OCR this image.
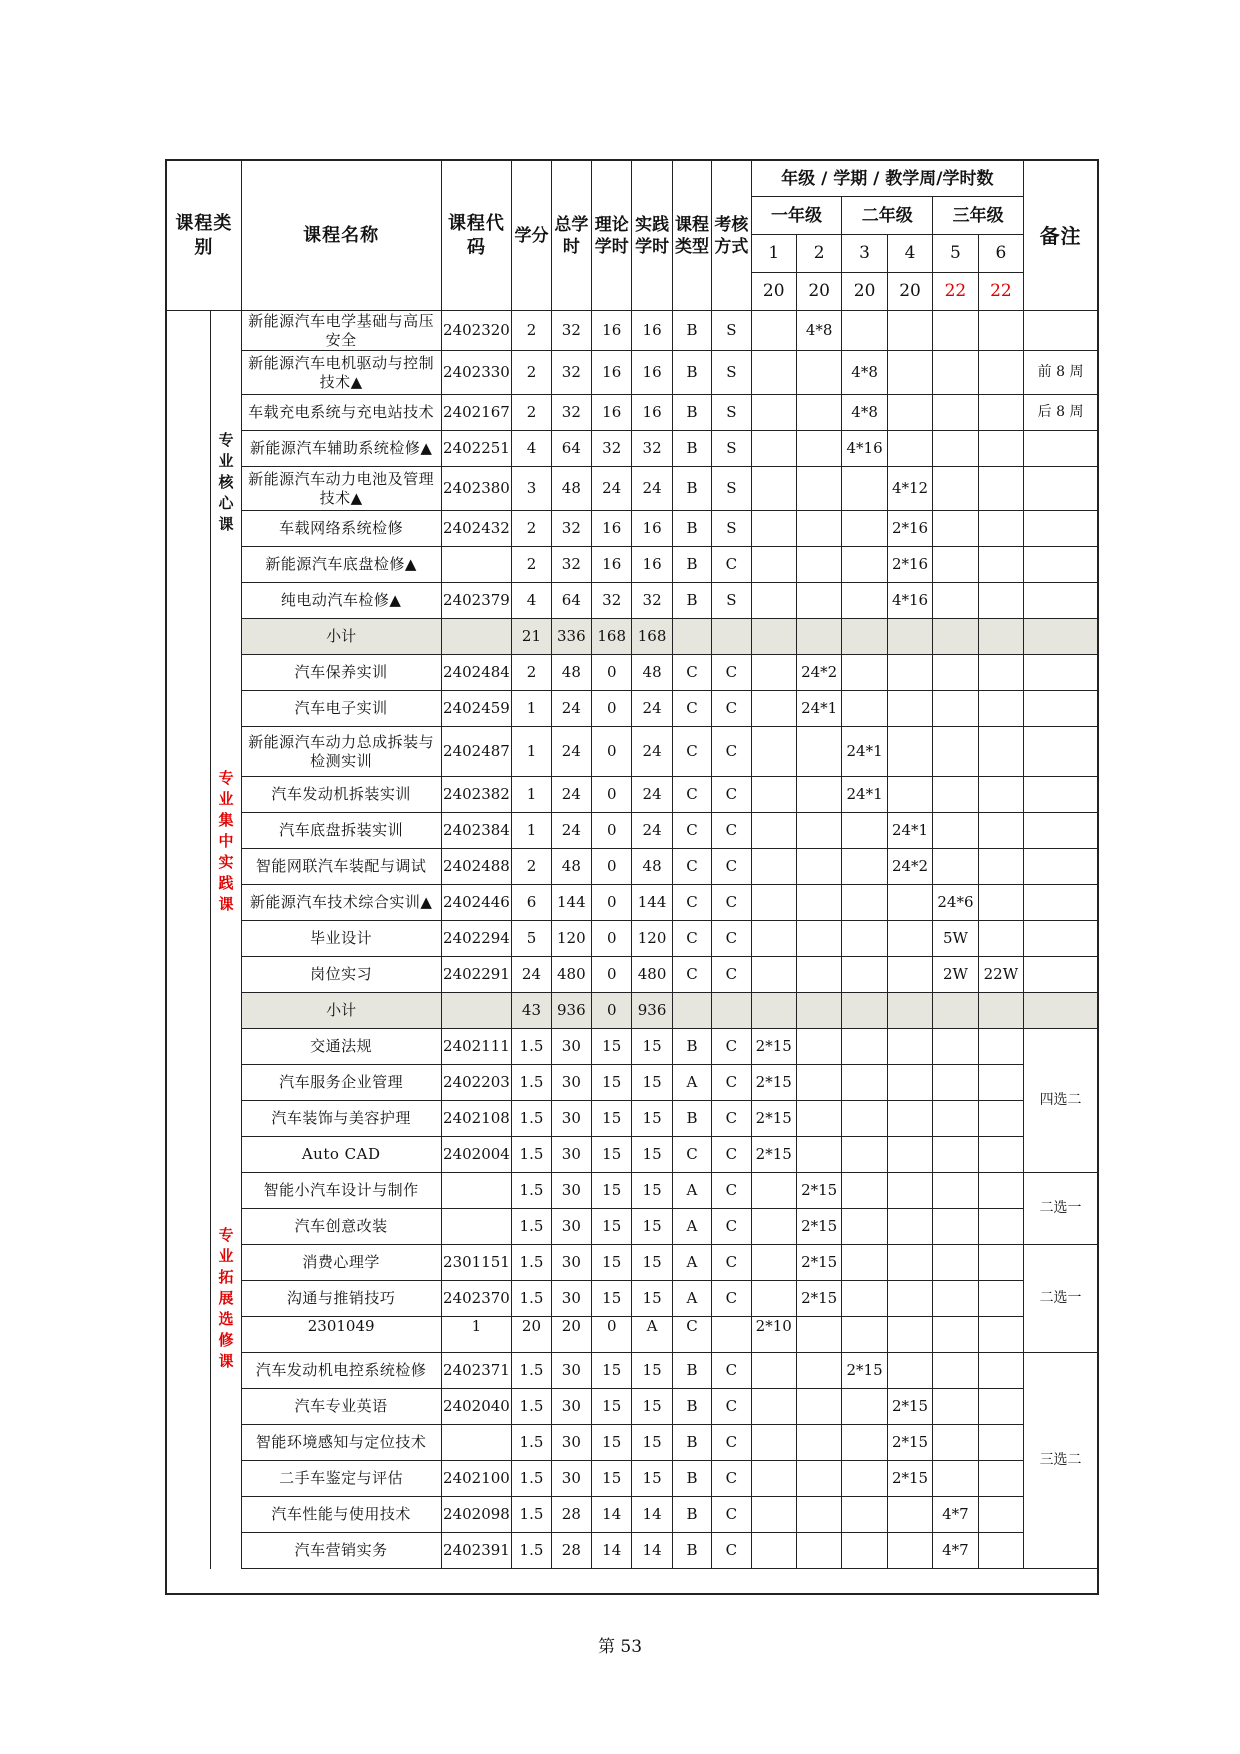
课程类别		课程名称	课程代码	学分	总学时	理论学时	实践学时	课程类型	考核方式	年级 / 学期 / 教学周/学时数						备注
										一年级		二年级		三年级		
										1	2	3	4	5	6	
										20	20	20	20	22	22	
	专业核心课	新能源汽车电学基础与高压安全	2402320	2	32	16	16	B	S		4*8					
		新能源汽车电机驱动与控制技术▲	2402330	2	32	16	16	B	S			4*8				前 8 周
		车载充电系统与充电站技术	2402167	2	32	16	16	B	S			4*8				后 8 周
		新能源汽车辅助系统检修▲	2402251	4	64	32	32	B	S			4*16				
		新能源汽车动力电池及管理技术▲	2402380	3	48	24	24	B	S				4*12			
		车载网络系统检修	2402432	2	32	16	16	B	S				2*16			
		新能源汽车底盘检修▲		2	32	16	16	B	C				2*16			
		纯电动汽车检修▲	2402379	4	64	32	32	B	S				4*16			
		小计		21	336	168	168									
	专业集中实践课	汽车保养实训	2402484	2	48	0	48	C	C		24*2					
		汽车电子实训	2402459	1	24	0	24	C	C		24*1					
		新能源汽车动力总成拆装与检测实训	2402487	1	24	0	24	C	C			24*1				
		汽车发动机拆装实训	2402382	1	24	0	24	C	C			24*1				
		汽车底盘拆装实训	2402384	1	24	0	24	C	C				24*1			
		智能网联汽车装配与调试	2402488	2	48	0	48	C	C				24*2			
		新能源汽车技术综合实训▲	2402446	6	144	0	144	C	C					24*6		
		毕业设计	2402294	5	120	0	120	C	C					5W		
		岗位实习	2402291	24	480	0	480	C	C					2W	22W	
		小计		43	936	0	936									
	专业拓展选修课	交通法规	2402111	1.5	30	15	15	B	C	2*15						四选二
		汽车服务企业管理	2402203	1.5	30	15	15	A	C	2*15						
		汽车装饰与美容护理	2402108	1.5	30	15	15	B	C	2*15						
		Auto CAD	2402004	1.5	30	15	15	C	C	2*15						
		智能小汽车设计与制作		1.5	30	15	15	A	C		2*15					二选一
		汽车创意改装		1.5	30	15	15	A	C		2*15					
		消费心理学	2301151	1.5	30	15	15	A	C		2*15					二选一
		沟通与推销技巧	2402370	1.5	30	15	15	A	C		2*15					
		2301049	1	20	20	0	A	C		2*10						
		汽车发动机电控系统检修	2402371	1.5	30	15	15	B	C			2*15				三选二
		汽车专业英语	2402040	1.5	30	15	15	B	C				2*15			
		智能环境感知与定位技术		1.5	30	15	15	B	C				2*15			
		二手车鉴定与评估	2402100	1.5	30	15	15	B	C				2*15			
		汽车性能与使用技术	2402098	1.5	28	14	14	B	C					4*7		
		汽车营销实务	2402391	1.5	28	14	14	B	C					4*7		
第 53
